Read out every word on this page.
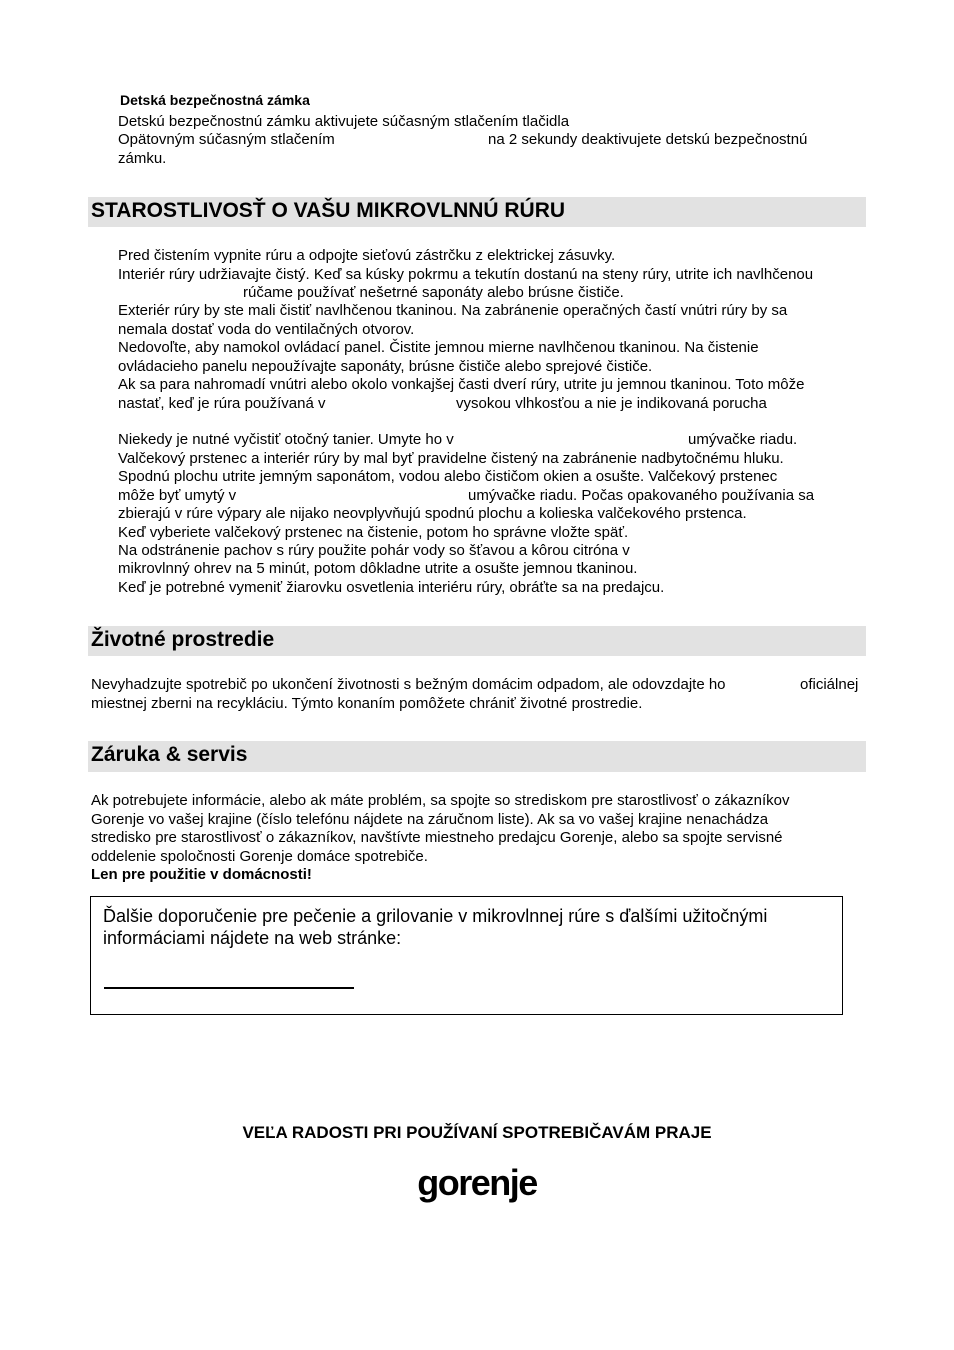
Detská bezpečnostná zámka
Detskú bezpečnostnú zámku aktivujete súčasným stlačením tlačidla
Opätovným súčasným stlačením	na 2 sekundy deaktivujete detskú bezpečnostnú
zámku.
STAROSTLIVOSŤ O VAŠU MIKROVLNNÚ RÚRU
Pred čistením vypnite rúru a odpojte sieťovú zástrčku z elektrickej zásuvky.
Interiér rúry udržiavajte čistý. Keď sa kúsky pokrmu a tekutín dostanú na steny rúry, utrite ich navlhčenou
rúčame používať nešetrné saponáty alebo brúsne čističe.
Exteriér rúry by ste mali čistiť navlhčenou tkaninou. Na zabránenie operačných častí vnútri rúry by sa
nemala dostať voda do ventilačných otvorov.
Nedovoľte, aby namokol ovládací panel. Čistite jemnou mierne navlhčenou tkaninou. Na čistenie
ovládacieho panelu nepoužívajte saponáty, brúsne čističe alebo sprejové čističe.
Ak sa para nahromadí vnútri alebo okolo vonkajšej časti dverí rúry, utrite ju jemnou tkaninou. Toto môže
nastať, keď je rúra používaná v	vysokou vlhkosťou a nie je indikovaná porucha
Niekedy je nutné vyčistiť otočný tanier. Umyte ho v	umývačke riadu.
Valčekový prstenec a interiér rúry by mal byť pravidelne čistený na zabránenie nadbytočnému hluku.
Spodnú plochu utrite jemným saponátom, vodou alebo čističom okien a osušte. Valčekový prstenec
môže byť umytý v	umývačke riadu. Počas opakovaného používania sa
zbierajú v rúre výpary ale nijako neovplyvňujú spodnú plochu a kolieska valčekového prstenca.
Keď vyberiete valčekový prstenec na čistenie, potom ho správne vložte späť.
Na odstránenie pachov s rúry použite pohár vody so šťavou a kôrou citróna v
mikrovlnný ohrev na 5 minút, potom dôkladne utrite a osušte jemnou tkaninou.
Keď je potrebné vymeniť žiarovku osvetlenia interiéru rúry, obráťte sa na predajcu.
Životné prostredie
Nevyhadzujte spotrebič po ukončení životnosti s bežným domácim odpadom, ale odovzdajte ho	oficiálnej
miestnej zberni na recykláciu. Týmto konaním pomôžete chrániť životné prostredie.
Záruka & servis
Ak potrebujete informácie, alebo ak máte problém, sa spojte so strediskom pre starostlivosť o zákazníkov
Gorenje vo vašej krajine (číslo telefónu nájdete na záručnom liste). Ak sa vo vašej krajine nenachádza
stredisko pre starostlivosť o zákazníkov, navštívte miestneho predajcu Gorenje, alebo sa spojte servisné
oddelenie spoločnosti Gorenje domáce spotrebiče.
Len pre použitie v domácnosti!
Ďalšie doporučenie pre pečenie a grilovanie v mikrovlnnej rúre s ďalšími užitočnými
informáciami nájdete na web stránke:
VEĽA RADOSTI PRI POUŽÍVANÍ SPOTREBIČAVÁM PRAJE
gorenje
